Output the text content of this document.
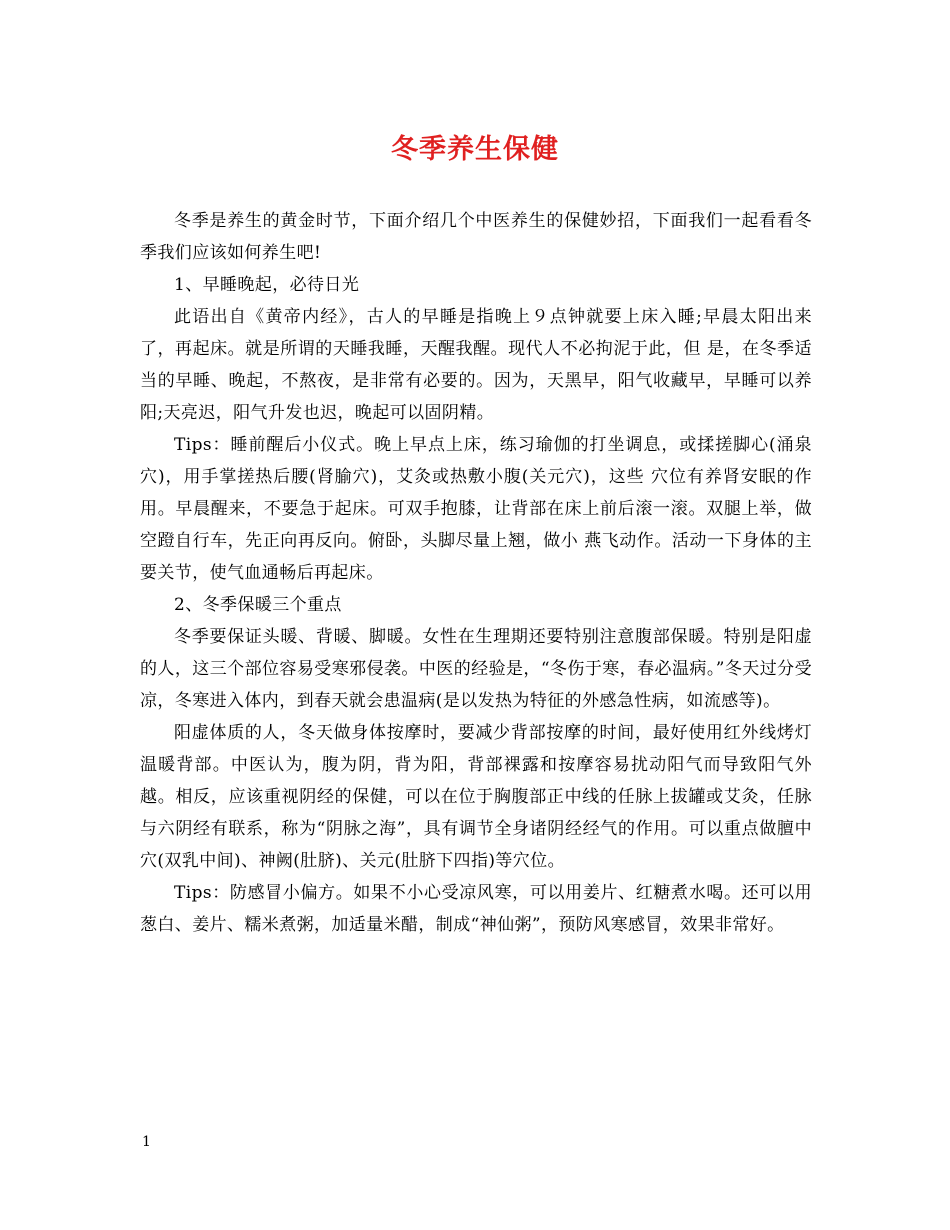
冬季养生保健

冬季是养生的黄金时节，下面介绍几个中医养生的保健妙招，下面我们一起看看冬季我们应该如何养生吧!

1、早睡晚起，必待日光

此语出自《黄帝内经》，古人的早睡是指晚上９点钟就要上床入睡;早晨太阳出来了，再起床。就是所谓的天睡我睡，天醒我醒。现代人不必拘泥于此，但 是，在冬季适当的早睡、晚起，不熬夜，是非常有必要的。因为，天黑早，阳气收藏早，早睡可以养阳;天亮迟，阳气升发也迟，晚起可以固阴精。

Tips：睡前醒后小仪式。晚上早点上床，练习瑜伽的打坐调息，或揉搓脚心(涌泉穴)，用手掌搓热后腰(肾腧穴)，艾灸或热敷小腹(关元穴)，这些 穴位有养肾安眠的作用。早晨醒来，不要急于起床。可双手抱膝，让背部在床上前后滚一滚。双腿上举，做空蹬自行车，先正向再反向。俯卧，头脚尽量上翘，做小 燕飞动作。活动一下身体的主要关节，使气血通畅后再起床。

2、冬季保暖三个重点

冬季要保证头暖、背暖、脚暖。女性在生理期还要特别注意腹部保暖。特别是阳虚的人，这三个部位容易受寒邪侵袭。中医的经验是，“冬伤于寒，春必温病。”冬天过分受凉，冬寒进入体内，到春天就会患温病(是以发热为特征的外感急性病，如流感等)。

阳虚体质的人，冬天做身体按摩时，要减少背部按摩的时间，最好使用红外线烤灯温暖背部。中医认为，腹为阴，背为阳，背部裸露和按摩容易扰动阳气而导致阳气外越。相反，应该重视阴经的保健，可以在位于胸腹部正中线的任脉上拔罐或艾灸，任脉与六阴经有联系，称为“阴脉之海”，具有调节全身诸阴经经气的作用。可以重点做膻中穴(双乳中间)、神阙(肚脐)、关元(肚脐下四指)等穴位。

Tips：防感冒小偏方。如果不小心受凉风寒，可以用姜片、红糖煮水喝。还可以用葱白、姜片、糯米煮粥，加适量米醋，制成“神仙粥”，预防风寒感冒，效果非常好。

1
